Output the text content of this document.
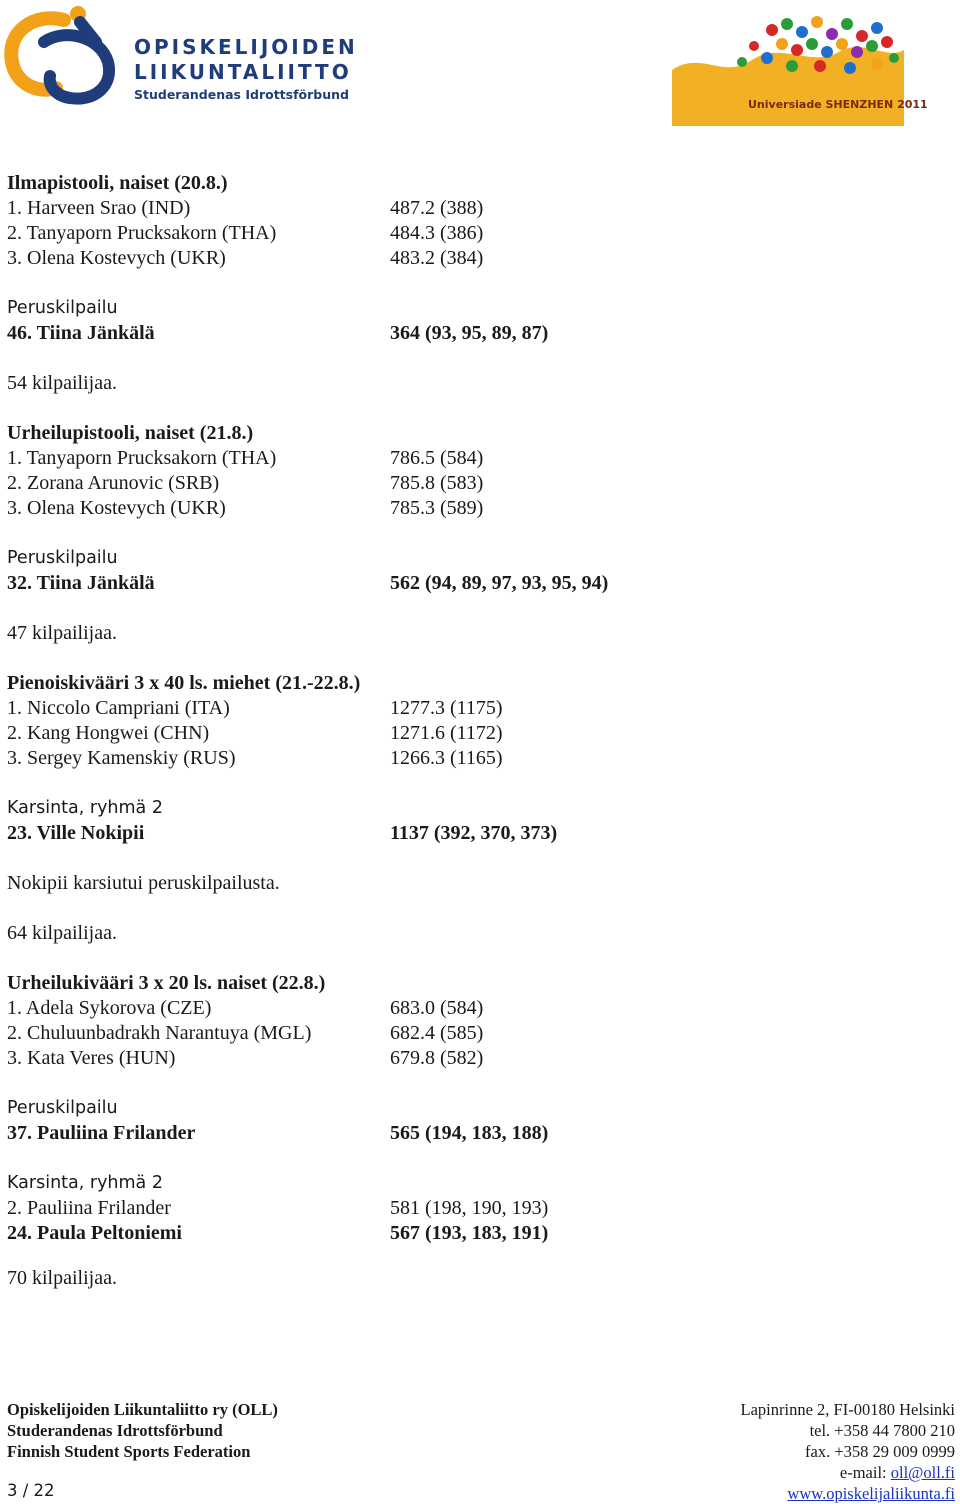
OPISKELIJOIDEN
LIIKUNTALIITTO
Studerandenas Idrottsförbund
Universiade SHENZHEN 2011
Ilmapistooli, naiset (20.8.)
1. Harveen Srao (IND)	487.2 (388)
2. Tanyaporn Prucksakorn (THA)	484.3 (386)
3. Olena Kostevych (UKR)	483.2 (384)
Peruskilpailu
46. Tiina Jänkälä	364 (93, 95, 89, 87)
54 kilpailijaa.
Urheilupistooli, naiset (21.8.)
1. Tanyaporn Prucksakorn (THA)	786.5 (584)
2. Zorana Arunovic (SRB)	785.8 (583)
3. Olena Kostevych (UKR)	785.3 (589)
Peruskilpailu
32. Tiina Jänkälä	562 (94, 89, 97, 93, 95, 94)
47 kilpailijaa.
Pienoiskivääri 3 x 40 ls. miehet (21.-22.8.)
1. Niccolo Campriani (ITA)	1277.3 (1175)
2. Kang Hongwei (CHN)	1271.6 (1172)
3. Sergey Kamenskiy (RUS)	1266.3 (1165)
Karsinta, ryhmä 2
23. Ville Nokipii	1137 (392, 370, 373)
Nokipii karsiutui peruskilpailusta.
64 kilpailijaa.
Urheilukivääri 3 x 20 ls. naiset (22.8.)
1. Adela Sykorova (CZE)	683.0 (584)
2. Chuluunbadrakh Narantuya (MGL)	682.4 (585)
3. Kata Veres (HUN)	679.8 (582)
Peruskilpailu
37. Pauliina Frilander	565 (194, 183, 188)
Karsinta, ryhmä 2
2. Pauliina Frilander	581 (198, 190, 193)
24. Paula Peltoniemi	567 (193, 183, 191)
70 kilpailijaa.
Opiskelijoiden Liikuntaliitto ry (OLL)
Studerandenas Idrottsförbund
Finnish Student Sports Federation
Lapinrinne 2, FI-00180 Helsinki
tel. +358 44 7800 210
fax. +358 29 009 0999
e-mail: oll@oll.fi
www.opiskelijaliikunta.fi
3 / 22
